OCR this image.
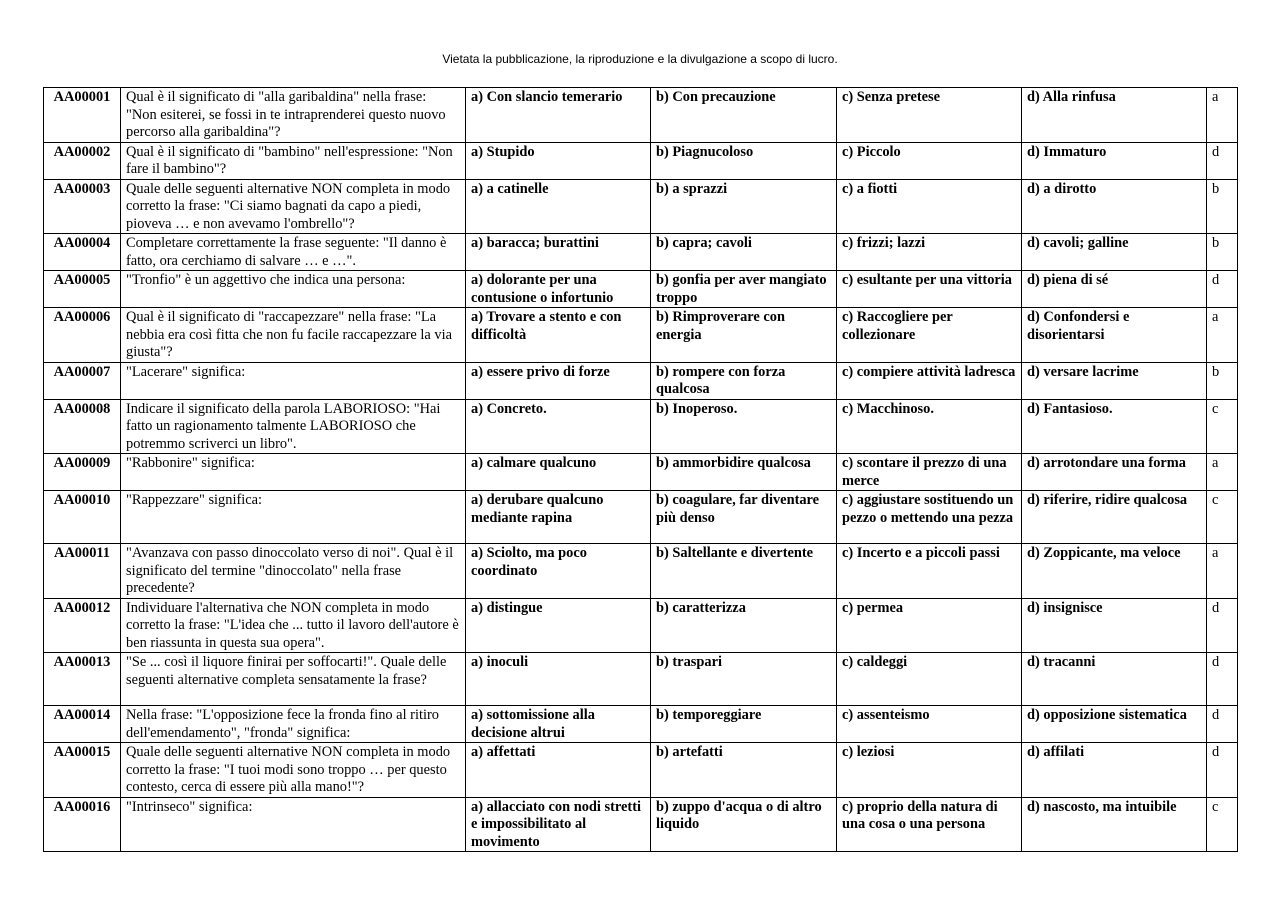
Vietata la pubblicazione, la riproduzione e la divulgazione a scopo di lucro.
AA00001	Qual è il significato di "alla garibaldina" nella frase: "Non esiterei, se fossi in te intraprenderei questo nuovo percorso alla garibaldina"?	a) Con slancio temerario	b) Con precauzione	c) Senza pretese	d) Alla rinfusa	a
AA00002	Qual è il significato di "bambino" nell'espressione: "Non fare il bambino"?	a) Stupido	b) Piagnucoloso	c) Piccolo	d) Immaturo	d
AA00003	Quale delle seguenti alternative NON completa in modo corretto la frase: "Ci siamo bagnati da capo a piedi, pioveva … e non avevamo l'ombrello"?	a) a catinelle	b) a sprazzi	c) a fiotti	d) a dirotto	b
AA00004	Completare correttamente la frase seguente: "Il danno è fatto, ora cerchiamo di salvare … e …".	a) baracca; burattini	b) capra; cavoli	c) frizzi; lazzi	d) cavoli; galline	b
AA00005	"Tronfio" è un aggettivo che indica una persona:	a) dolorante per una contusione o infortunio	b) gonfia per aver mangiato troppo	c) esultante per una vittoria	d) piena di sé	d
AA00006	Qual è il significato di "raccapezzare" nella frase: "La nebbia era così fitta che non fu facile raccapezzare la via giusta"?	a) Trovare a stento e con difficoltà	b) Rimproverare con energia	c) Raccogliere per collezionare	d) Confondersi e disorientarsi	a
AA00007	"Lacerare" significa:	a) essere privo di forze	b) rompere con forza qualcosa	c) compiere attività ladresca	d) versare lacrime	b
AA00008	Indicare il significato della parola LABORIOSO: "Hai fatto un ragionamento talmente LABORIOSO che potremmo scriverci un libro".	a) Concreto.	b) Inoperoso.	c) Macchinoso.	d) Fantasioso.	c
AA00009	"Rabbonire" significa:	a) calmare qualcuno	b) ammorbidire qualcosa	c) scontare il prezzo di una merce	d) arrotondare una forma	a
AA00010	"Rappezzare" significa:	a) derubare qualcuno mediante rapina	b) coagulare, far diventare più denso	c) aggiustare sostituendo un pezzo o mettendo una pezza	d) riferire, ridire qualcosa	c
AA00011	"Avanzava con passo dinoccolato verso di noi". Qual è il significato del termine "dinoccolato" nella frase precedente?	a) Sciolto, ma poco coordinato	b) Saltellante e divertente	c) Incerto e a piccoli passi	d) Zoppicante, ma veloce	a
AA00012	Individuare l'alternativa che NON completa in modo corretto la frase: "L'idea che ... tutto il lavoro dell'autore è ben riassunta in questa sua opera".	a) distingue	b) caratterizza	c) permea	d) insignisce	d
AA00013	"Se ... così il liquore finirai per soffocarti!". Quale delle seguenti alternative completa sensatamente la frase?	a) inoculi	b) traspari	c) caldeggi	d) tracanni	d
AA00014	Nella frase: "L'opposizione fece la fronda fino al ritiro dell'emendamento", "fronda" significa:	a) sottomissione alla decisione altrui	b) temporeggiare	c) assenteismo	d) opposizione sistematica	d
AA00015	Quale delle seguenti alternative NON completa in modo corretto la frase: "I tuoi modi sono troppo … per questo contesto, cerca di essere più alla mano!"?	a) affettati	b) artefatti	c) leziosi	d) affilati	d
AA00016	"Intrinseco" significa:	a) allacciato con nodi stretti e impossibilitato al movimento	b) zuppo d'acqua o di altro liquido	c) proprio della natura di una cosa o una persona	d) nascosto, ma intuibile	c
